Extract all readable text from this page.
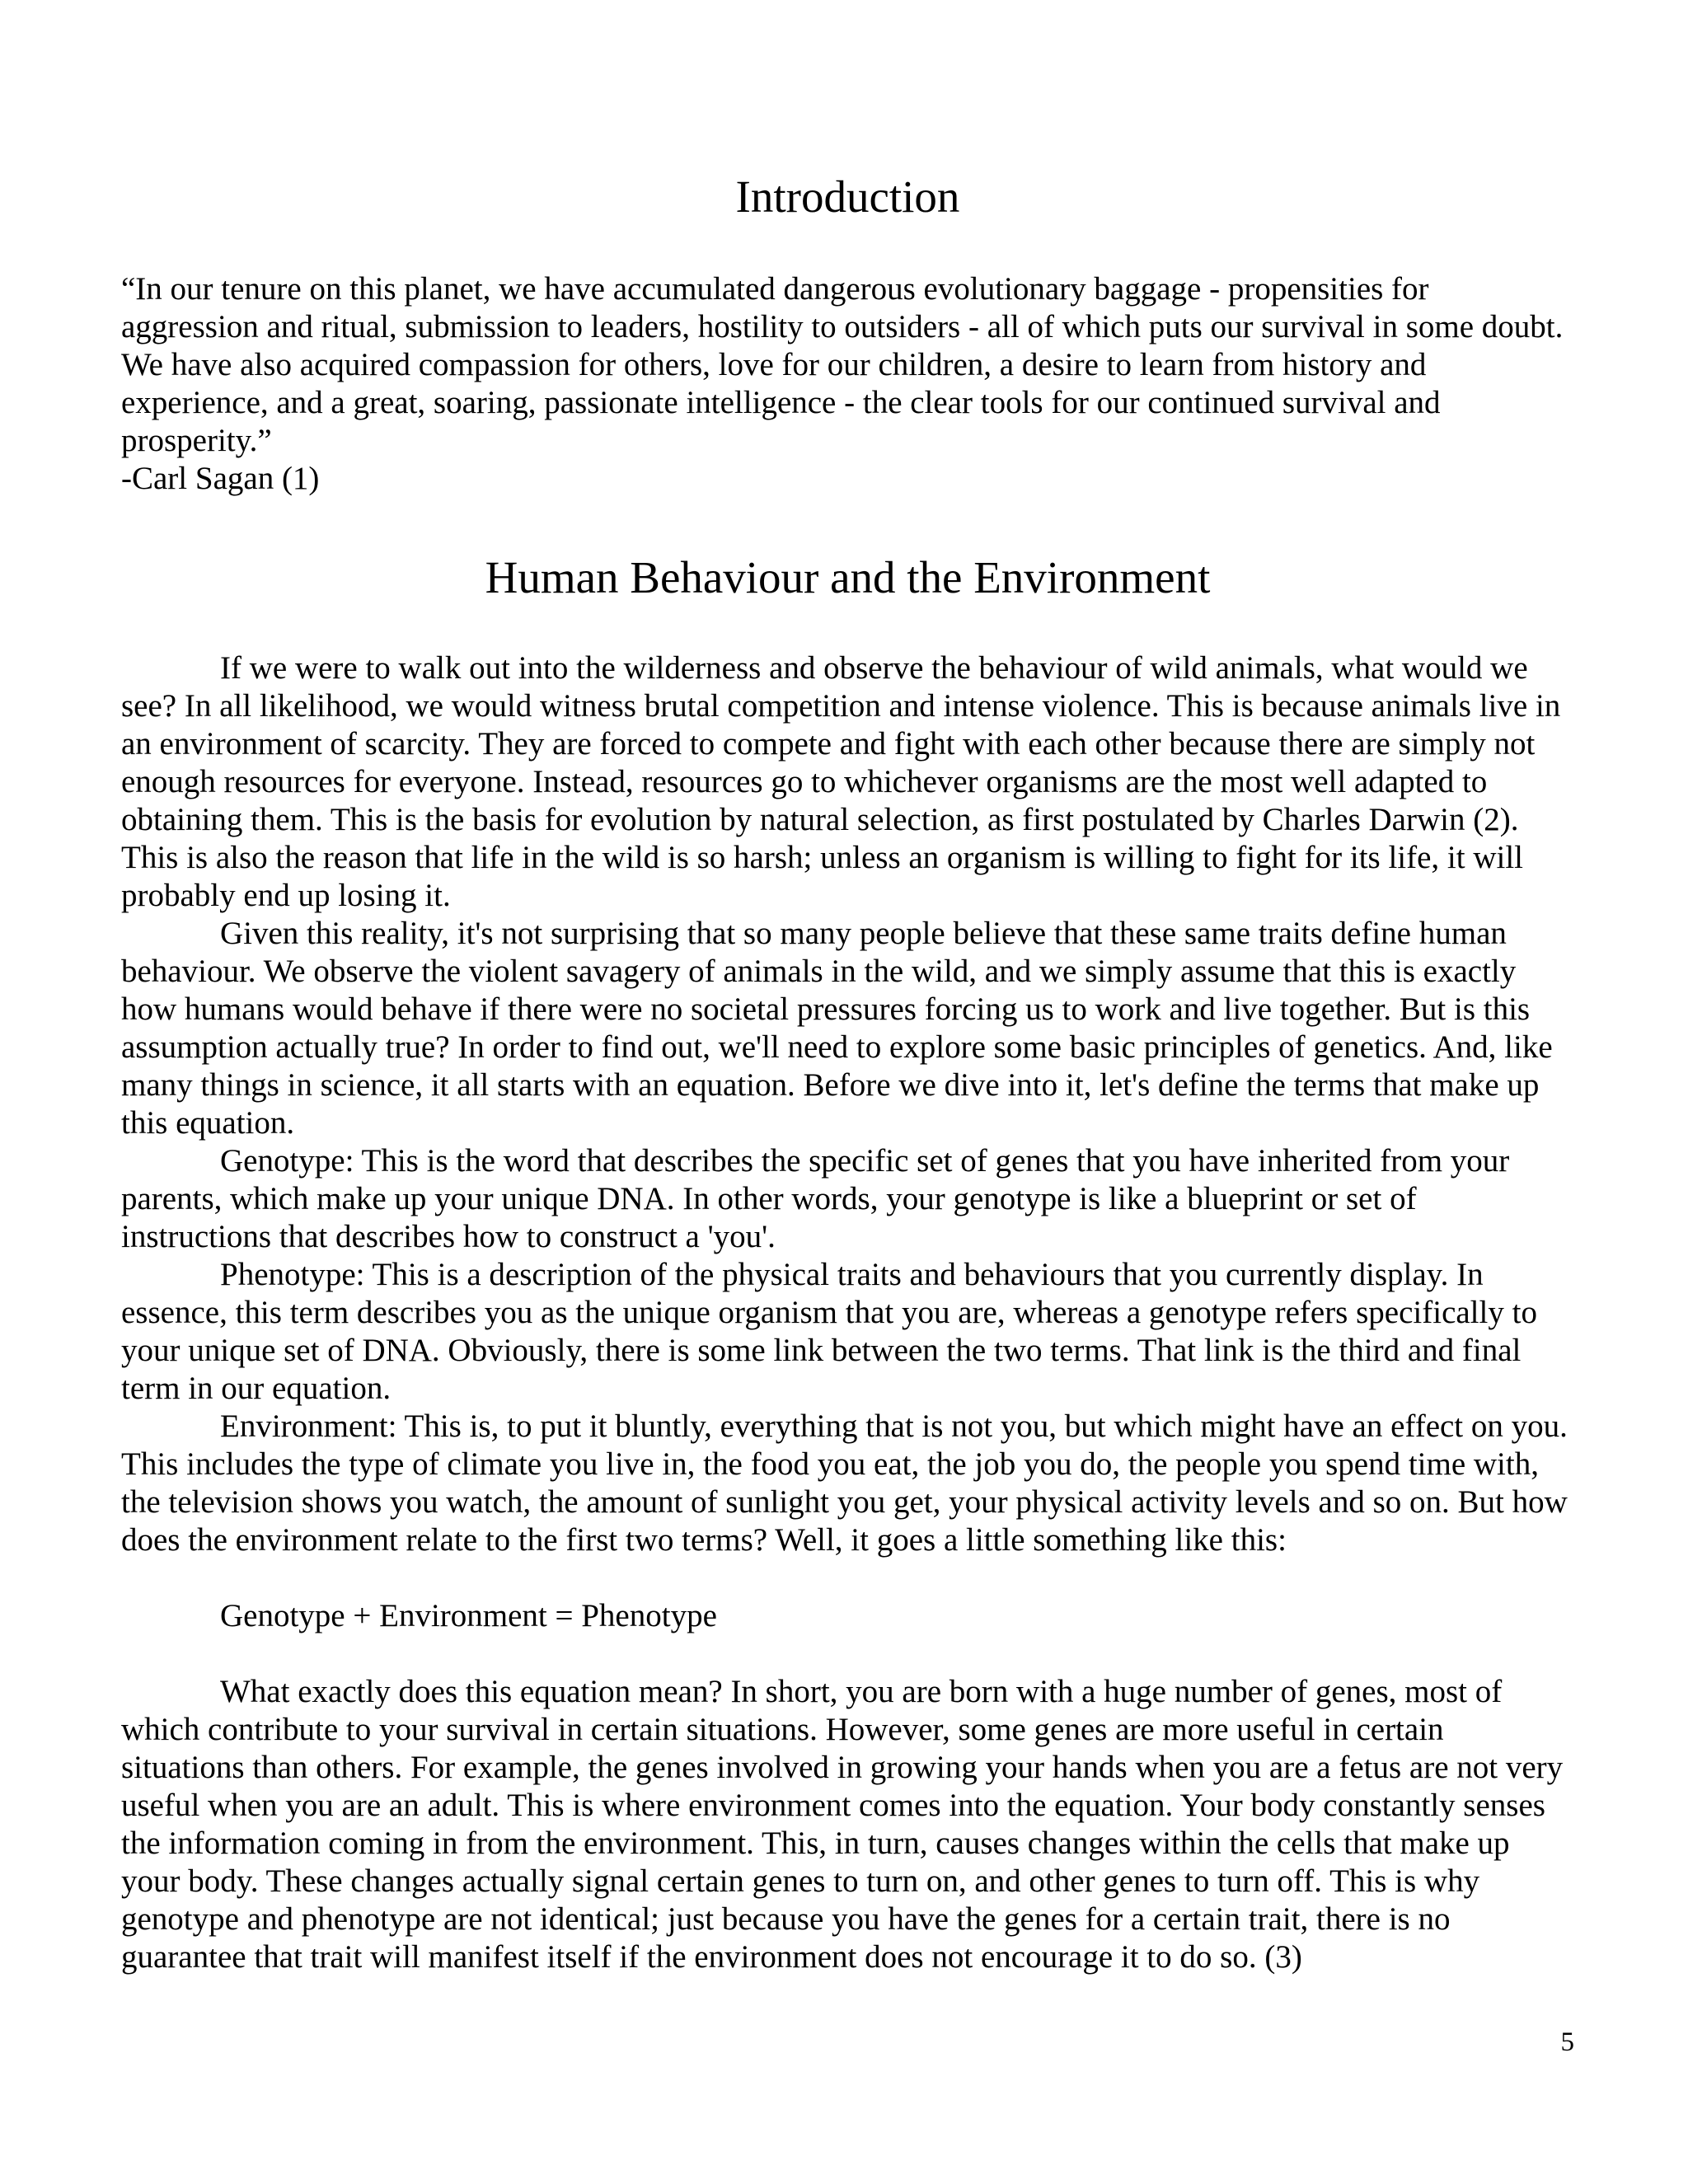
Introduction

“In our tenure on this planet, we have accumulated dangerous evolutionary baggage - propensities for aggression and ritual, submission to leaders, hostility to outsiders - all of which puts our survival in some doubt. We have also acquired compassion for others, love for our children, a desire to learn from history and experience, and a great, soaring, passionate intelligence - the clear tools for our continued survival and prosperity.”

-Carl Sagan (1)

Human Behaviour and the Environment

If we were to walk out into the wilderness and observe the behaviour of wild animals, what would we see? In all likelihood, we would witness brutal competition and intense violence. This is because animals live in an environment of scarcity. They are forced to compete and fight with each other because there are simply not enough resources for everyone. Instead, resources go to whichever organisms are the most well adapted to obtaining them. This is the basis for evolution by natural selection, as first postulated by Charles Darwin (2). This is also the reason that life in the wild is so harsh; unless an organism is willing to fight for its life, it will probably end up losing it.

Given this reality, it's not surprising that so many people believe that these same traits define human behaviour. We observe the violent savagery of animals in the wild, and we simply assume that this is exactly how humans would behave if there were no societal pressures forcing us to work and live together. But is this assumption actually true? In order to find out, we'll need to explore some basic principles of genetics. And, like many things in science, it all starts with an equation. Before we dive into it, let's define the terms that make up this equation.

Genotype: This is the word that describes the specific set of genes that you have inherited from your parents, which make up your unique DNA. In other words, your genotype is like a blueprint or set of instructions that describes how to construct a 'you'.

Phenotype: This is a description of the physical traits and behaviours that you currently display. In essence, this term describes you as the unique organism that you are, whereas a genotype refers specifically to your unique set of DNA. Obviously, there is some link between the two terms. That link is the third and final term in our equation.

Environment: This is, to put it bluntly, everything that is not you, but which might have an effect on you. This includes the type of climate you live in, the food you eat, the job you do, the people you spend time with, the television shows you watch, the amount of sunlight you get, your physical activity levels and so on. But how does the environment relate to the first two terms? Well, it goes a little something like this:

Genotype + Environment = Phenotype

What exactly does this equation mean? In short, you are born with a huge number of genes, most of which contribute to your survival in certain situations. However, some genes are more useful in certain situations than others. For example, the genes involved in growing your hands when you are a fetus are not very useful when you are an adult. This is where environment comes into the equation. Your body constantly senses the information coming in from the environment. This, in turn, causes changes within the cells that make up your body. These changes actually signal certain genes to turn on, and other genes to turn off. This is why genotype and phenotype are not identical; just because you have the genes for a certain trait, there is no guarantee that trait will manifest itself if the environment does not encourage it to do so. (3)

5
